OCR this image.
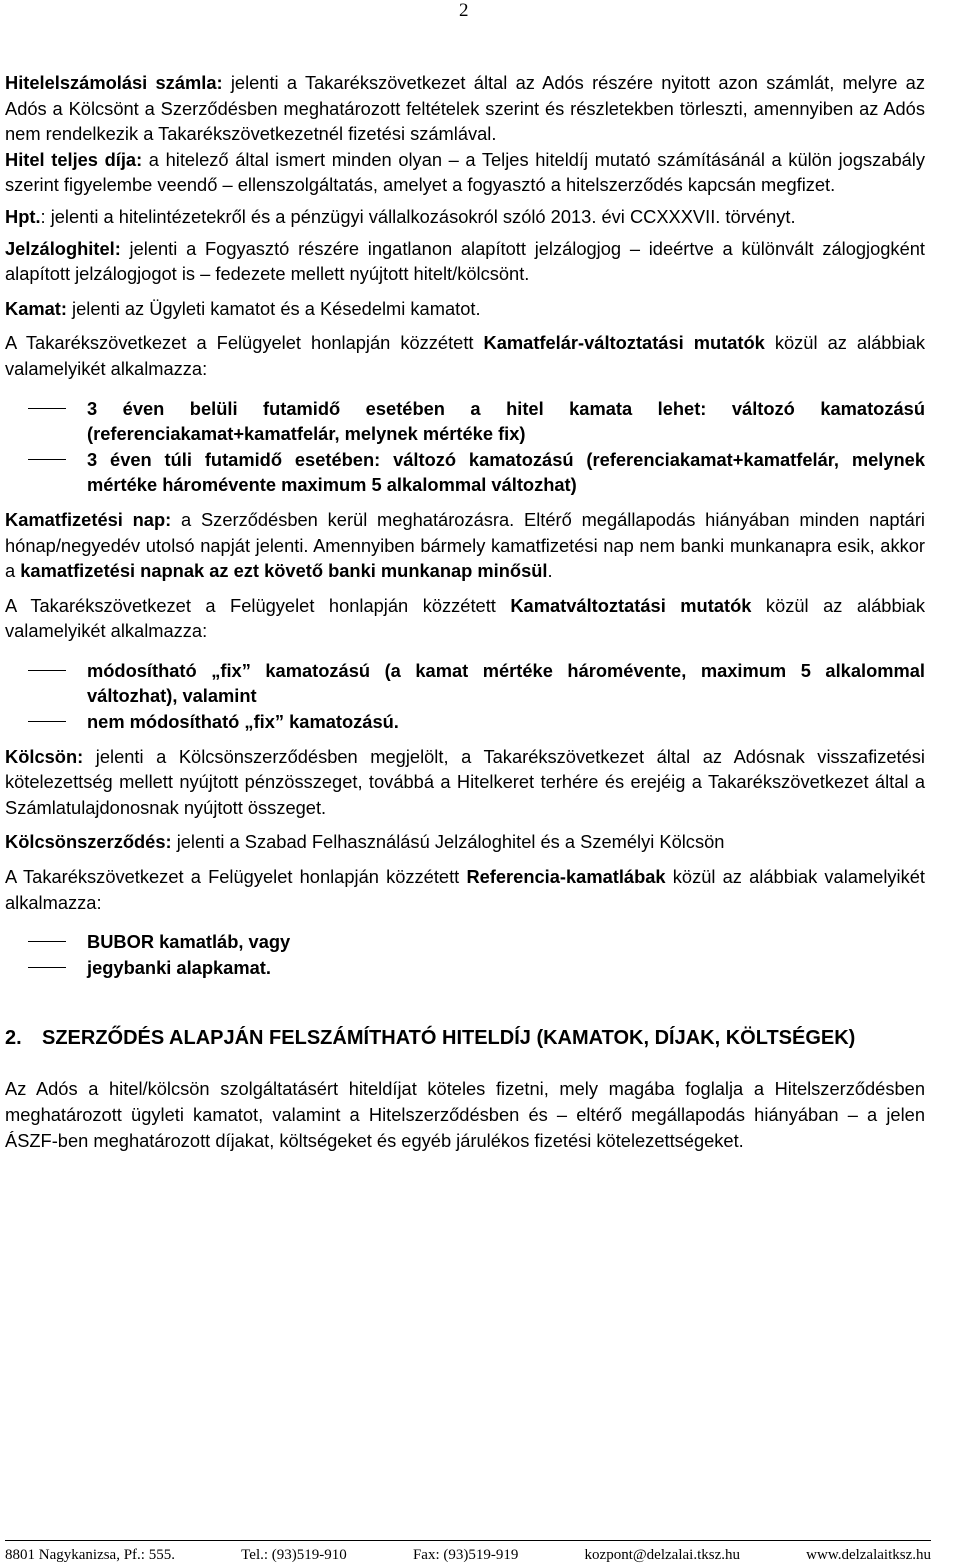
2

Hitelelszámolási számla: jelenti a Takarékszövetkezet által az Adós részére nyitott azon számlát, melyre az Adós a Kölcsönt a Szerződésben meghatározott feltételek szerint és részletekben törleszti, amennyiben az Adós nem rendelkezik a Takarékszövetkezetnél fizetési számlával.

Hitel teljes díja: a hitelező által ismert minden olyan – a Teljes hiteldíj mutató számításánál a külön jogszabály szerint figyelembe veendő – ellenszolgáltatás, amelyet a fogyasztó a hitelszerződés kapcsán megfizet.

Hpt.: jelenti a hitelintézetekről és a pénzügyi vállalkozásokról szóló 2013. évi CCXXXVII. törvényt.

Jelzáloghitel: jelenti a Fogyasztó részére ingatlanon alapított jelzálogjog – ideértve a különvált zálogjogként alapított jelzálogjogot is – fedezete mellett nyújtott hitelt/kölcsönt.

Kamat: jelenti az Ügyleti kamatot és a Késedelmi kamatot.

A Takarékszövetkezet a Felügyelet honlapján közzétett Kamatfelár-változtatási mutatók közül az alábbiak valamelyikét alkalmazza:

3 éven belüli futamidő esetében a hitel kamata lehet: változó kamatozású (referenciakamat+kamatfelár, melynek mértéke fix)
3 éven túli futamidő esetében: változó kamatozású (referenciakamat+kamatfelár, melynek mértéke háromévente maximum 5 alkalommal változhat)

Kamatfizetési nap: a Szerződésben kerül meghatározásra. Eltérő megállapodás hiányában minden naptári hónap/negyedév utolsó napját jelenti. Amennyiben bármely kamatfizetési nap nem banki munkanapra esik, akkor a kamatfizetési napnak az ezt követő banki munkanap minősül.

A Takarékszövetkezet a Felügyelet honlapján közzétett Kamatváltoztatási mutatók közül az alábbiak valamelyikét alkalmazza:

módosítható „fix” kamatozású (a kamat mértéke háromévente, maximum 5 alkalommal változhat), valamint
nem módosítható „fix” kamatozású.

Kölcsön: jelenti a Kölcsönszerződésben megjelölt, a Takarékszövetkezet által az Adósnak visszafizetési kötelezettség mellett nyújtott pénzösszeget, továbbá a Hitelkeret terhére és erejéig a Takarékszövetkezet által a Számlatulajdonosnak nyújtott összeget.

Kölcsönszerződés: jelenti a Szabad Felhasználású Jelzáloghitel és a Személyi Kölcsön

A Takarékszövetkezet a Felügyelet honlapján közzétett Referencia-kamatlábak közül az alábbiak valamelyikét alkalmazza:

BUBOR kamatláb, vagy
jegybanki alapkamat.
2. SZERZŐDÉS ALAPJÁN FELSZÁMÍTHATÓ HITELDÍJ (KAMATOK, DÍJAK, KÖLTSÉGEK)

Az Adós a hitel/kölcsön szolgáltatásért hiteldíjat köteles fizetni, mely magába foglalja a Hitelszerződésben meghatározott ügyleti kamatot, valamint a Hitelszerződésben és – eltérő megállapodás hiányában – a jelen ÁSZF-ben meghatározott díjakat, költségeket és egyéb járulékos fizetési kötelezettségeket.

8801 Nagykanizsa, Pf.: 555.	Tel.: (93)519-910	Fax: (93)519-919	kozpont@delzalai.tksz.hu	www.delzalaitksz.hu
